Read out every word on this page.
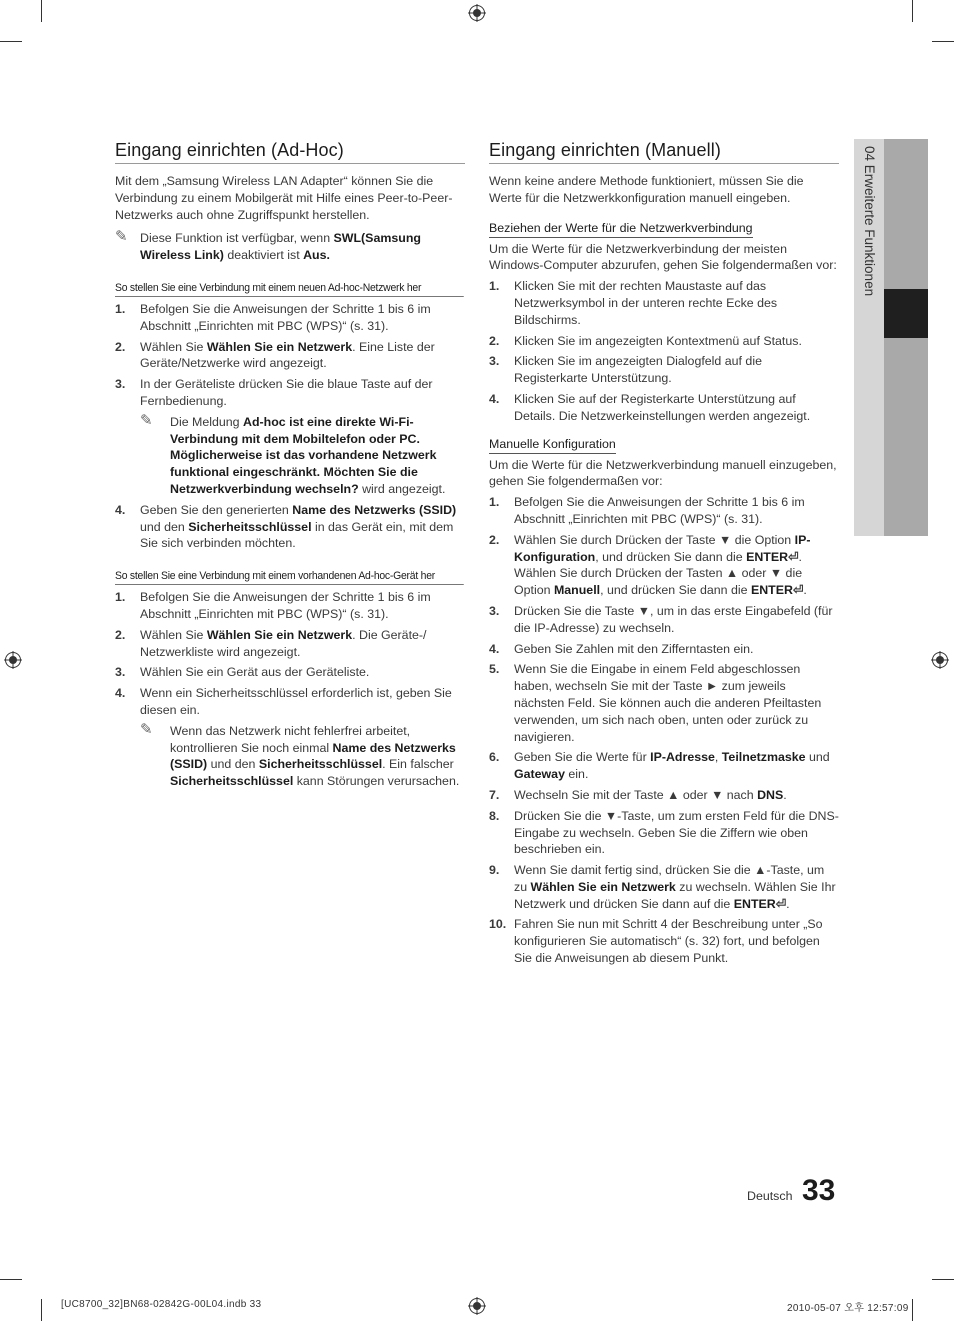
Eingang einrichten (Ad-Hoc)

Mit dem „Samsung Wireless LAN Adapter“ können Sie die Verbindung zu einem Mobilgerät mit Hilfe eines Peer-to-Peer-Netzwerks auch ohne Zugriffspunkt herstellen.

✎ Diese Funktion ist verfügbar, wenn SWL(Samsung Wireless Link) deaktiviert ist Aus.
So stellen Sie eine Verbindung mit einem neuen Ad-hoc-Netzwerk her
1. Befolgen Sie die Anweisungen der Schritte 1 bis 6 im Abschnitt „Einrichten mit PBC (WPS)“ (s. 31).
2. Wählen Sie Wählen Sie ein Netzwerk. Eine Liste der Geräte/Netzwerke wird angezeigt.
3. In der Geräteliste drücken Sie die blaue Taste auf der Fernbedienung.
✎ Die Meldung Ad-hoc ist eine direkte Wi-Fi-Verbindung mit dem Mobiltelefon oder PC. Möglicherweise ist das vorhandene Netzwerk funktional eingeschränkt. Möchten Sie die Netzwerkverbindung wechseln? wird angezeigt.
4. Geben Sie den generierten Name des Netzwerks (SSID) und den Sicherheitsschlüssel in das Gerät ein, mit dem Sie sich verbinden möchten.
So stellen Sie eine Verbindung mit einem vorhandenen Ad-hoc-Gerät her
1. Befolgen Sie die Anweisungen der Schritte 1 bis 6 im Abschnitt „Einrichten mit PBC (WPS)“ (s. 31).
2. Wählen Sie Wählen Sie ein Netzwerk. Die Geräte-/ Netzwerkliste wird angezeigt.
3. Wählen Sie ein Gerät aus der Geräteliste.
4. Wenn ein Sicherheitsschlüssel erforderlich ist, geben Sie diesen ein.
✎ Wenn das Netzwerk nicht fehlerfrei arbeitet, kontrollieren Sie noch einmal Name des Netzwerks (SSID) und den Sicherheitsschlüssel. Ein falscher Sicherheitsschlüssel kann Störungen verursachen.
Eingang einrichten (Manuell)

Wenn keine andere Methode funktioniert, müssen Sie die Werte für die Netzwerkkonfiguration manuell eingeben.

Beziehen der Werte für die Netzwerkverbindung

Um die Werte für die Netzwerkverbindung der meisten Windows-Computer abzurufen, gehen Sie folgendermaßen vor:

1. Klicken Sie mit der rechten Maustaste auf das Netzwerksymbol in der unteren rechte Ecke des Bildschirms.
2. Klicken Sie im angezeigten Kontextmenü auf Status.
3. Klicken Sie im angezeigten Dialogfeld auf die Registerkarte Unterstützung.
4. Klicken Sie auf der Registerkarte Unterstützung auf Details. Die Netzwerkeinstellungen werden angezeigt.
Manuelle Konfiguration

Um die Werte für die Netzwerkverbindung manuell einzugeben, gehen Sie folgendermaßen vor:

1. Befolgen Sie die Anweisungen der Schritte 1 bis 6 im Abschnitt „Einrichten mit PBC (WPS)“ (s. 31).
2. Wählen Sie durch Drücken der Taste ▼ die Option IP-Konfiguration, und drücken Sie dann die ENTER⏎. Wählen Sie durch Drücken der Tasten ▲ oder ▼ die Option Manuell, und drücken Sie dann die ENTER⏎.
3. Drücken Sie die Taste ▼, um in das erste Eingabefeld (für die IP-Adresse) zu wechseln.
4. Geben Sie Zahlen mit den Zifferntasten ein.
5. Wenn Sie die Eingabe in einem Feld abgeschlossen haben, wechseln Sie mit der Taste ► zum jeweils nächsten Feld. Sie können auch die anderen Pfeiltasten verwenden, um sich nach oben, unten oder zurück zu navigieren.
6. Geben Sie die Werte für IP-Adresse, Teilnetzmaske und Gateway ein.
7. Wechseln Sie mit der Taste ▲ oder ▼ nach DNS.
8. Drücken Sie die ▼-Taste, um zum ersten Feld für die DNS-Eingabe zu wechseln. Geben Sie die Ziffern wie oben beschrieben ein.
9. Wenn Sie damit fertig sind, drücken Sie die ▲-Taste, um zu Wählen Sie ein Netzwerk zu wechseln. Wählen Sie Ihr Netzwerk und drücken Sie dann auf die ENTER⏎.
10. Fahren Sie nun mit Schritt 4 der Beschreibung unter „So konfigurieren Sie automatisch“ (s. 32) fort, und befolgen Sie die Anweisungen ab diesem Punkt.
04 Erweiterte Funktionen
Deutsch 33
[UC8700_32]BN68-02842G-00L04.indb 33	2010-05-07 오후 12:57:09
